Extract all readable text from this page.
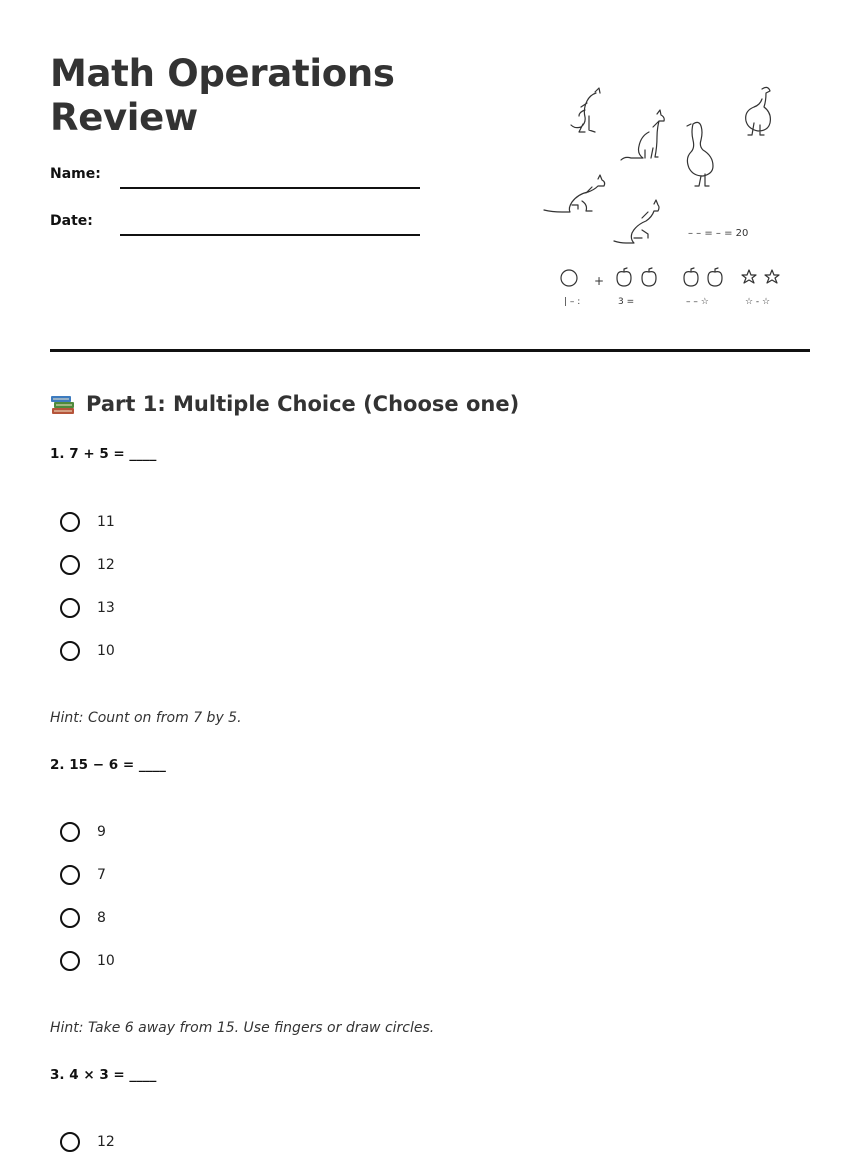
Math Operations
Review
Name:
Date:
– – = – = 20
+
| – :	3 =	– – ☆	☆ - ☆
Part 1: Multiple Choice (Choose one)
1. 7 + 5 = ____
11
12
13
10
Hint: Count on from 7 by 5.
2. 15 − 6 = ____
9
7
8
10
Hint: Take 6 away from 15. Use fingers or draw circles.
3. 4 × 3 = ____
12
